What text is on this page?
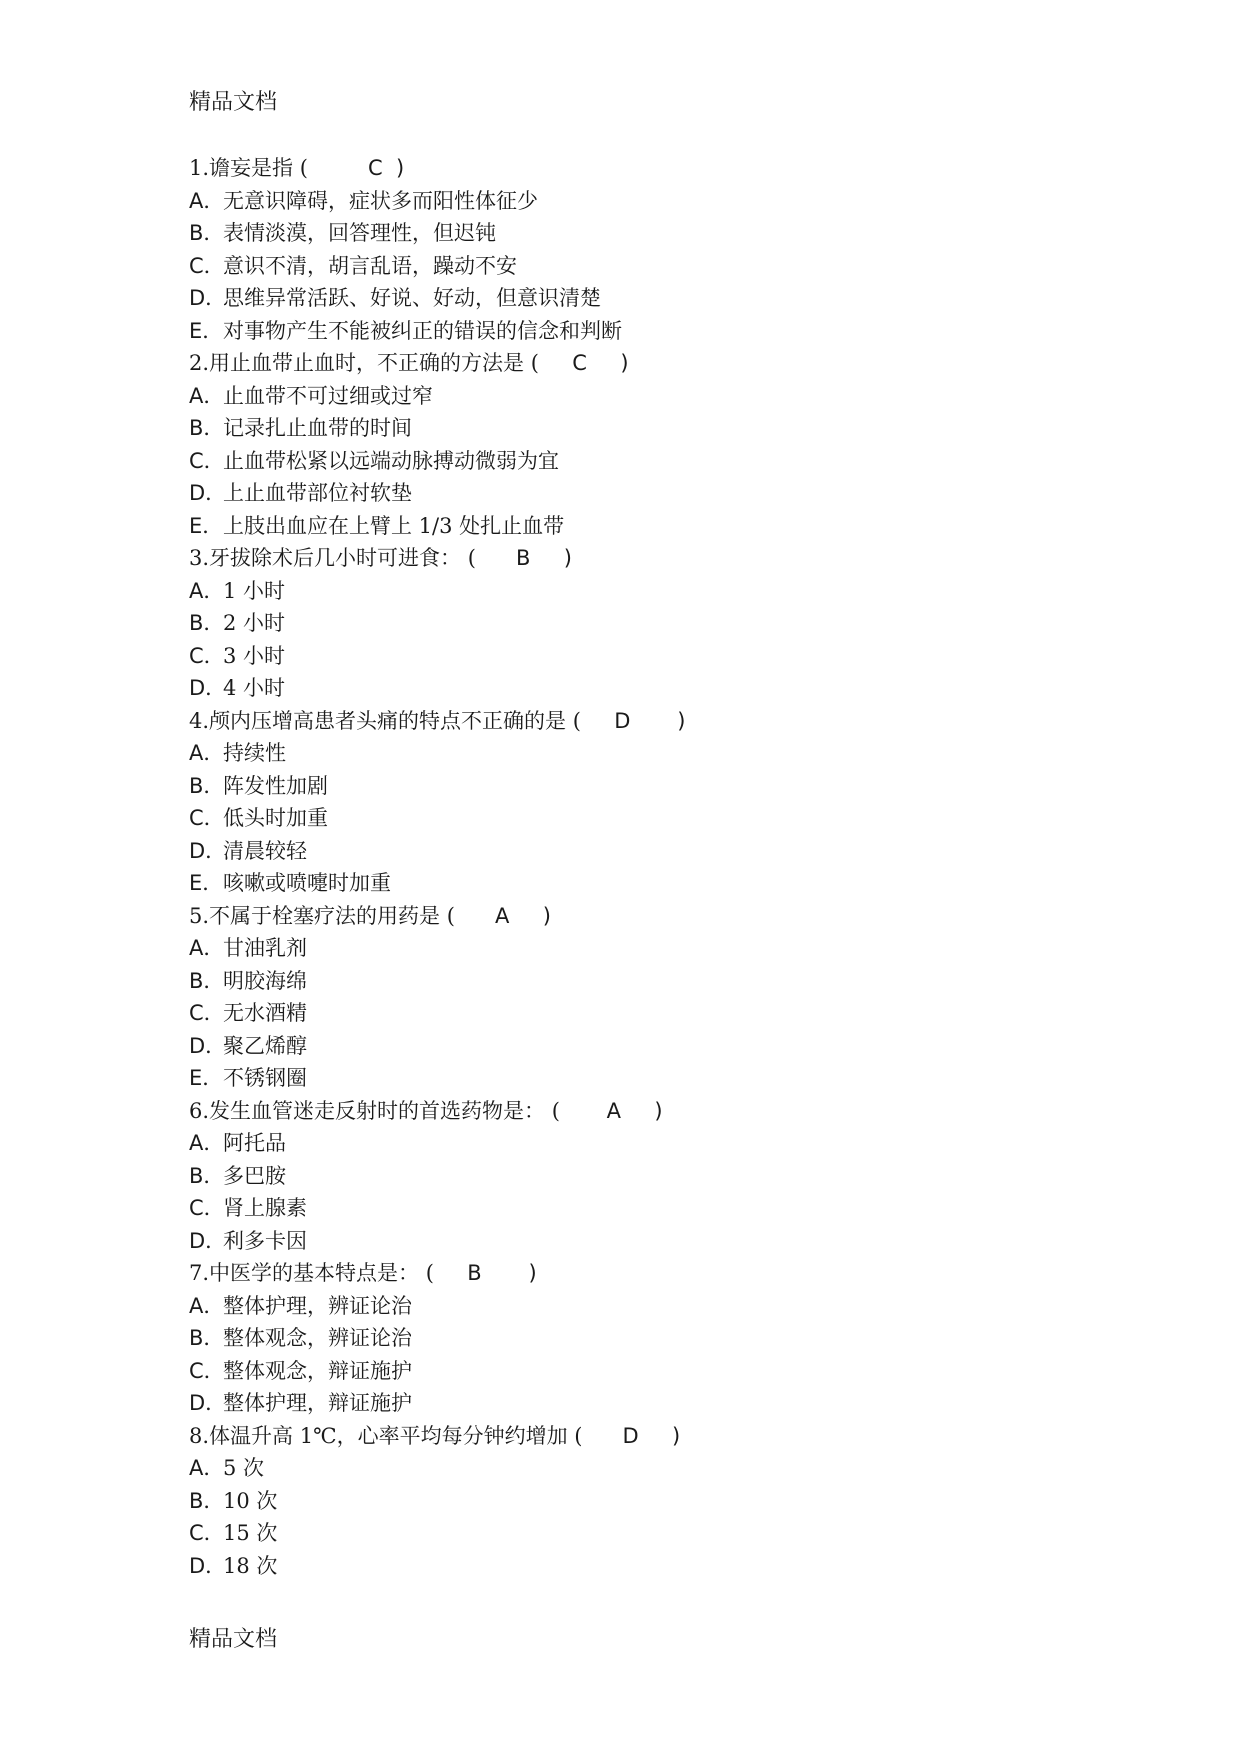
精品文档
1.谵妄是指 (	C  )
A．无意识障碍，症状多而阳性体征少
B．表情淡漠，回答理性，但迟钝
C．意识不清，胡言乱语，躁动不安
D．思维异常活跃、好说、好动，但意识清楚
E．对事物产生不能被纠正的错误的信念和判断
2.用止血带止血时，不正确的方法是 ( C     )
A．止血带不可过细或过窄
B．记录扎止血带的时间
C．止血带松紧以远端动脉搏动微弱为宜
D．上止血带部位衬软垫
E．上肢出血应在上臂上 1/3 处扎止血带
3.牙拔除术后几小时可进食： ( B     )
A．1 小时
B．2 小时
C．3 小时
D．4 小时
4.颅内压增高患者头痛的特点不正确的是 ( D       )
A．持续性
B．阵发性加剧
C．低头时加重
D．清晨较轻
E．咳嗽或喷嚏时加重
5.不属于栓塞疗法的用药是 ( A     )
A．甘油乳剂
B．明胶海绵
C．无水酒精
D．聚乙烯醇
E．不锈钢圈
6.发生血管迷走反射时的首选药物是： ( A     )
A．阿托品
B．多巴胺
C．肾上腺素
D．利多卡因
7.中医学的基本特点是： ( B       )
A．整体护理，辨证论治
B．整体观念，辨证论治
C．整体观念，辩证施护
D．整体护理，辩证施护
8.体温升高 1℃，心率平均每分钟约增加 ( D     )
A．5 次
B．10 次
C．15 次
D．18 次
精品文档
